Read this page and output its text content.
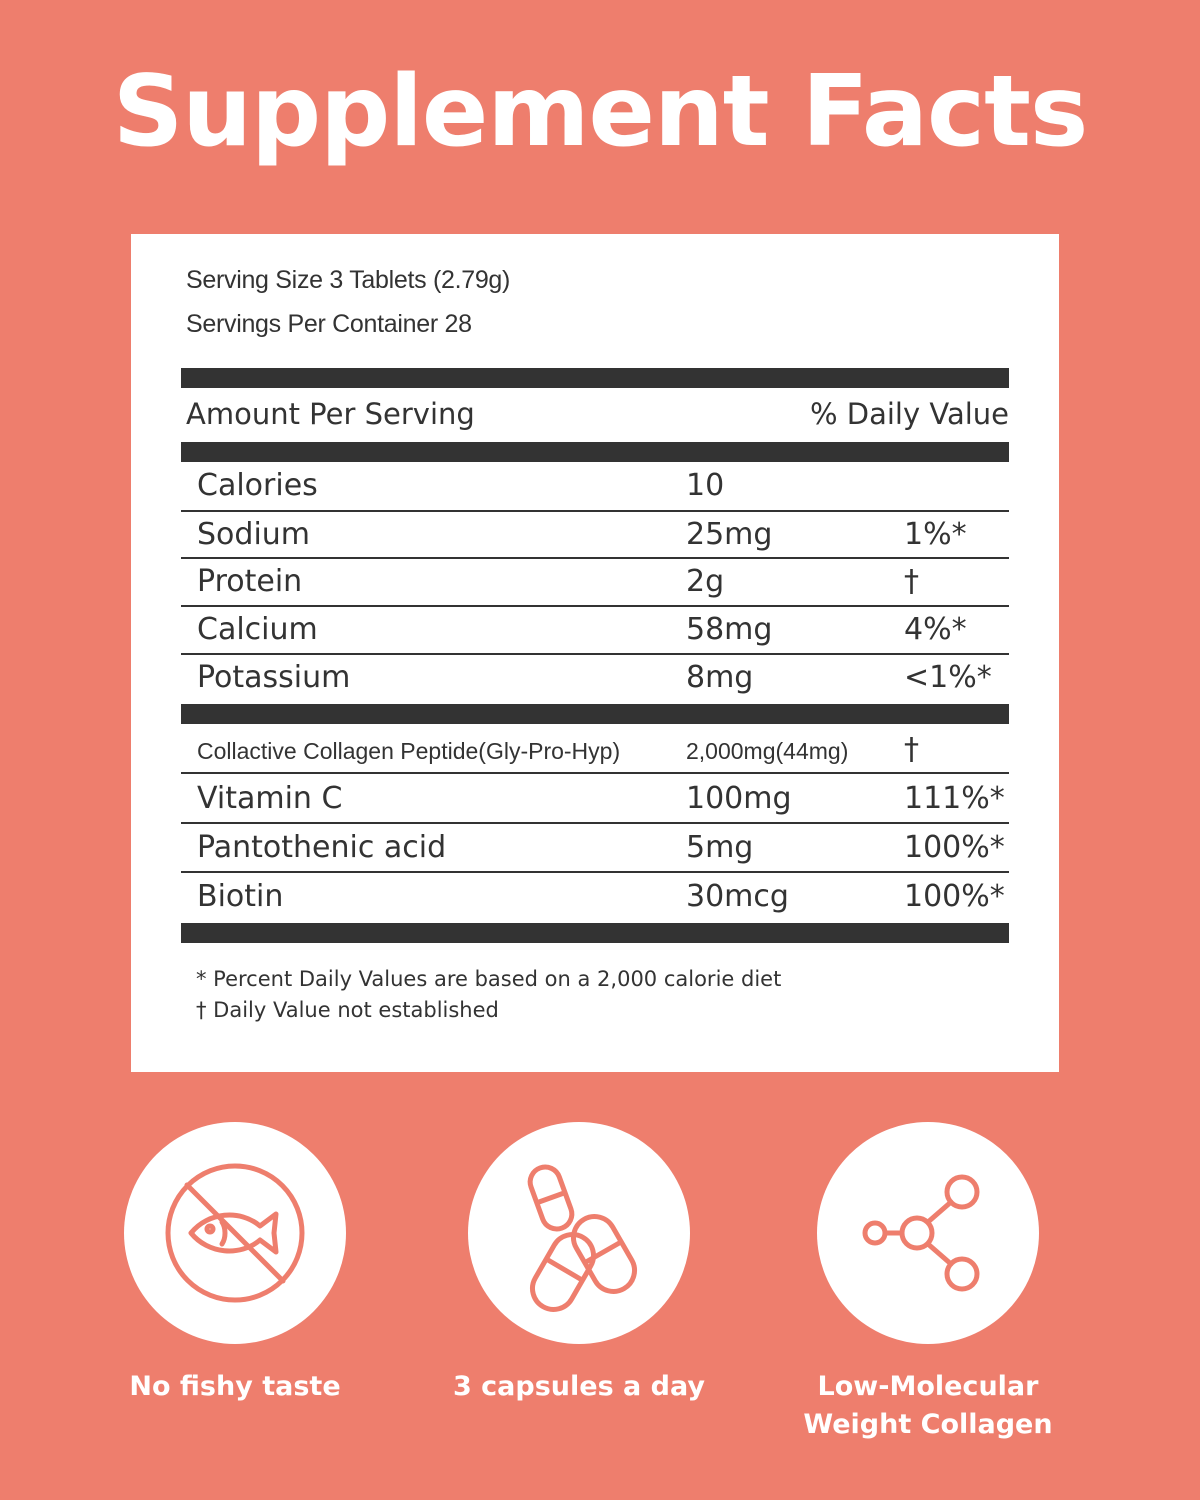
Supplement Facts
Serving Size 3 Tablets (2.79g)
Servings Per Container 28
Amount Per Serving	% Daily Value
Calories	10
Sodium	25mg	1%*
Protein	2g	†
Calcium	58mg	4%*
Potassium	8mg	<1%*
Collactive Collagen Peptide(Gly-Pro-Hyp)	2,000mg(44mg) †
Vitamin C	100mg	111%*
Pantothenic acid	5mg	100%*
Biotin	30mcg	100%*
* Percent Daily Values are based on a 2,000 calorie diet
† Daily Value not established
No fishy taste	3 capsules a day	Low-Molecular
Weight Collagen
